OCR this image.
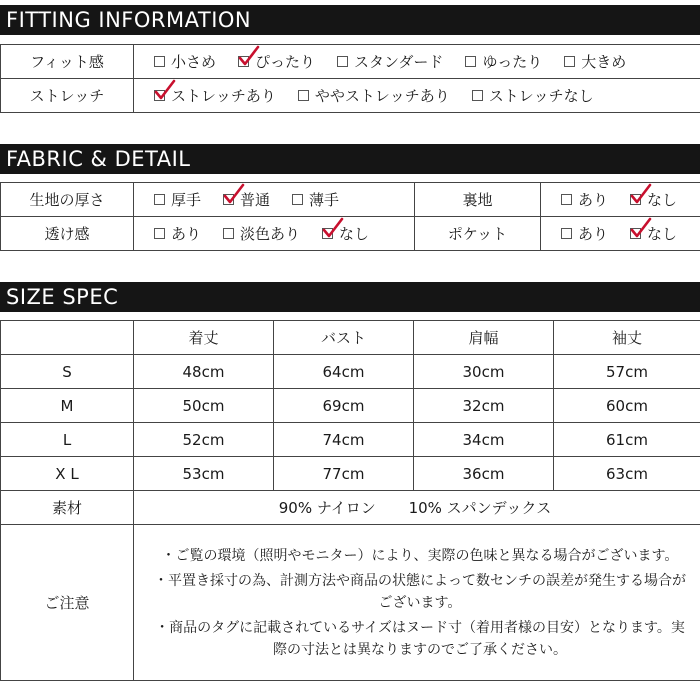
FITTING INFORMATION
フィット感	小さめ ぴったり スタンダード ゆったり 大きめ

ストレッチ	ストレッチあり ややストレッチあり ストレッチなし
FABRIC & DETAIL
生地の厚さ	厚手 普通 薄手	裏地	あり なし

透け感	あり 淡色あり なし	ポケット	あり なし
SIZE SPEC
	着丈	バスト	肩幅	袖丈
S	48cm	64cm	30cm	57cm
M	50cm	69cm	32cm	60cm
L	52cm	74cm	34cm	61cm
X L	53cm	77cm	36cm	63cm
素材	90% ナイロン 10% スパンデックス			
ご注意	・ご覧の環境（照明やモニター）により、実際の色味と異なる場合がございます。
・平置き採寸の為、計測方法や商品の状態によって数センチの誤差が発生する場合がございます。
・商品のタグに記載されているサイズはヌード寸（着用者様の目安）となります。実際の寸法とは異なりますのでご了承ください。			
